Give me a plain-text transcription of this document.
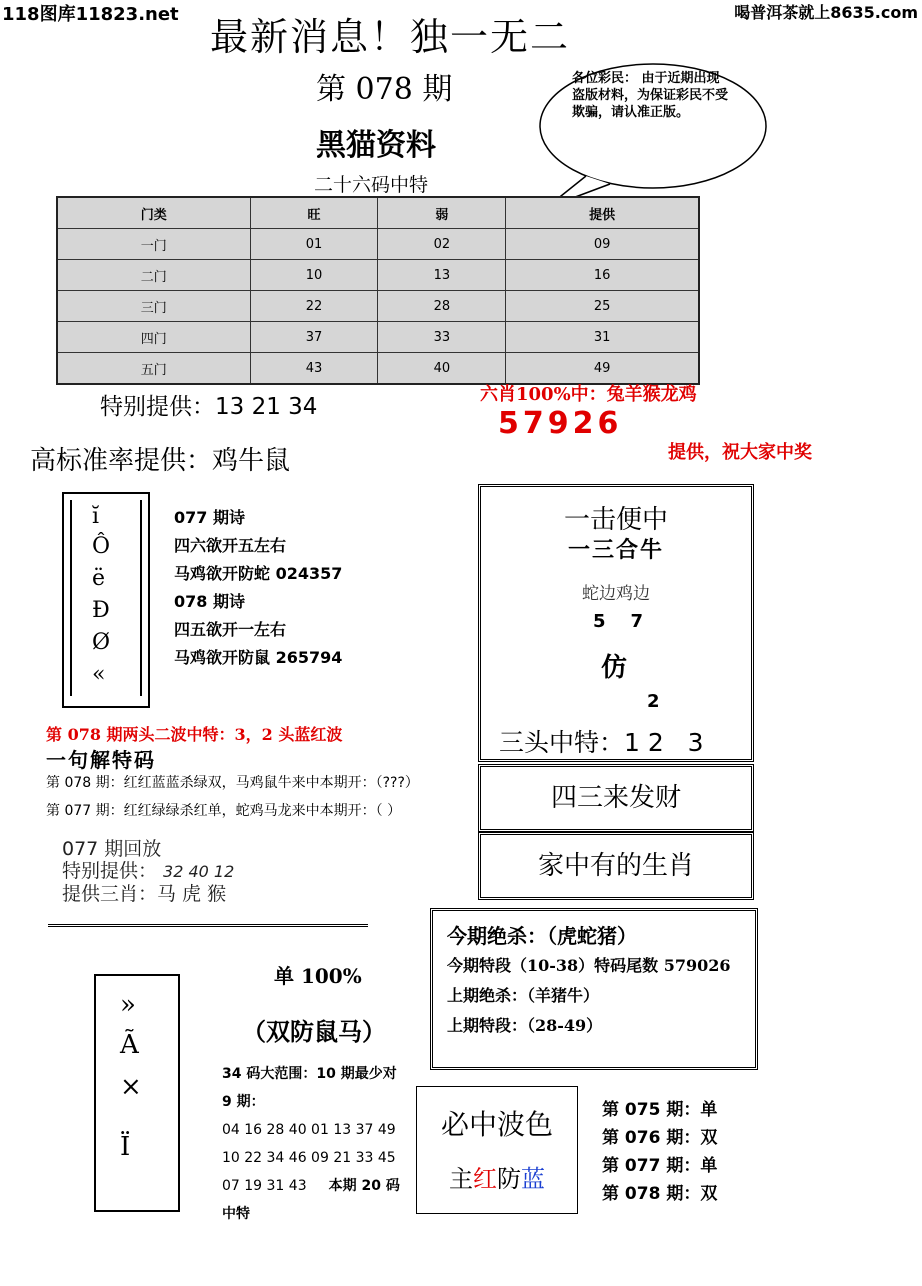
118图库11823.net	喝普洱茶就上8635.com
最新消息！独一无二
第 078 期
黑猫资料
二十六码中特
各位彩民： 由于近期出现盗版材料，为保证彩民不受欺骗，请认准正版。
门类	旺	弱	提供
一门	01	02	09
二门	10	13	16
三门	22	28	25
四门	37	33	31
五门	43	40	49
特别提供：13 21 34
高标准率提供：鸡牛鼠
六肖100%中：兔羊猴龙鸡
57926
提供，祝大家中奖
ĭ
Ô
ë
Ð
Ø
«
077 期诗
四六欲开五左右
马鸡欲开防蛇 024357
078 期诗
四五欲开一左右
马鸡欲开防鼠 265794
一击便中
一三合牛
蛇边鸡边
5    7
仿
2
三头中特：1 2   3
四三来发财
家中有的生肖
第 078 期两头二波中特：3，2 头蓝红波
一句解特码
第 078 期：红红蓝蓝杀绿双，马鸡鼠牛来中本期开：（???）
第 077 期：红红绿绿杀红单，蛇鸡马龙来中本期开：（ ）
077 期回放
特别提供： 32 40 12
提供三肖：马 虎 猴
今期绝杀：（虎蛇猪）
今期特段（10-38）特码尾数 579026
上期绝杀：（羊猪牛）
上期特段：（28-49）
»
Ã
×
Ï
单 100%
（双防鼠马）
34 码大范围：10 期最少对 9 期：
04 16 28 40 01 13 37 49
10 22 34 46 09 21 33 45
07 19 31 43 本期 20 码中特
必中波色
主红防蓝
第 075 期：单
第 076 期：双
第 077 期：单
第 078 期：双
